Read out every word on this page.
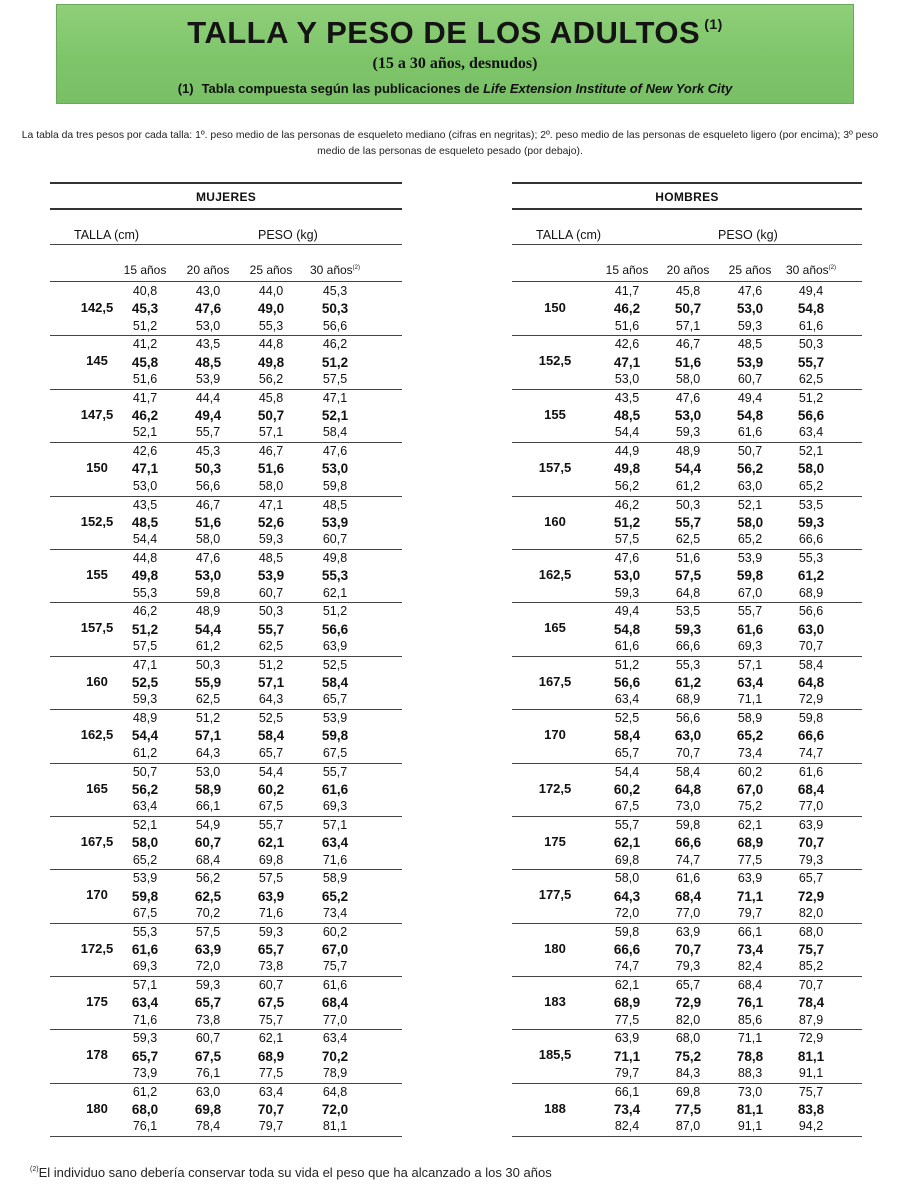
TALLA Y PESO DE LOS ADULTOS $^{(1)}$
(15 a 30 años, desnudos)
(1) Tabla compuesta según las publicaciones de Life Extension Institute of New York City
La tabla da tres pesos por cada talla: 1º. peso medio de las personas de esqueleto mediano (cifras en negritas); 2º. peso medio de las personas de esqueleto ligero (por encima); 3º peso medio de las personas de esqueleto pesado (por debajo).
MUJERES
TALLA (cm)	PESO (kg)
15 años	20 años	25 años	30 años$^{(2)}$
142,5
40,8	43,0	44,0	45,3
45,3	47,6	49,0	50,3
51,2	53,0	55,3	56,6
145
41,2	43,5	44,8	46,2
45,8	48,5	49,8	51,2
51,6	53,9	56,2	57,5
147,5
41,7	44,4	45,8	47,1
46,2	49,4	50,7	52,1
52,1	55,7	57,1	58,4
150
42,6	45,3	46,7	47,6
47,1	50,3	51,6	53,0
53,0	56,6	58,0	59,8
152,5
43,5	46,7	47,1	48,5
48,5	51,6	52,6	53,9
54,4	58,0	59,3	60,7
155
44,8	47,6	48,5	49,8
49,8	53,0	53,9	55,3
55,3	59,8	60,7	62,1
157,5
46,2	48,9	50,3	51,2
51,2	54,4	55,7	56,6
57,5	61,2	62,5	63,9
160
47,1	50,3	51,2	52,5
52,5	55,9	57,1	58,4
59,3	62,5	64,3	65,7
162,5
48,9	51,2	52,5	53,9
54,4	57,1	58,4	59,8
61,2	64,3	65,7	67,5
165
50,7	53,0	54,4	55,7
56,2	58,9	60,2	61,6
63,4	66,1	67,5	69,3
167,5
52,1	54,9	55,7	57,1
58,0	60,7	62,1	63,4
65,2	68,4	69,8	71,6
170
53,9	56,2	57,5	58,9
59,8	62,5	63,9	65,2
67,5	70,2	71,6	73,4
172,5
55,3	57,5	59,3	60,2
61,6	63,9	65,7	67,0
69,3	72,0	73,8	75,7
175
57,1	59,3	60,7	61,6
63,4	65,7	67,5	68,4
71,6	73,8	75,7	77,0
178
59,3	60,7	62,1	63,4
65,7	67,5	68,9	70,2
73,9	76,1	77,5	78,9
180
61,2	63,0	63,4	64,8
68,0	69,8	70,7	72,0
76,1	78,4	79,7	81,1
HOMBRES
TALLA (cm)	PESO (kg)
15 años	20 años	25 años	30 años$^{(2)}$
150
41,7	45,8	47,6	49,4
46,2	50,7	53,0	54,8
51,6	57,1	59,3	61,6
152,5
42,6	46,7	48,5	50,3
47,1	51,6	53,9	55,7
53,0	58,0	60,7	62,5
155
43,5	47,6	49,4	51,2
48,5	53,0	54,8	56,6
54,4	59,3	61,6	63,4
157,5
44,9	48,9	50,7	52,1
49,8	54,4	56,2	58,0
56,2	61,2	63,0	65,2
160
46,2	50,3	52,1	53,5
51,2	55,7	58,0	59,3
57,5	62,5	65,2	66,6
162,5
47,6	51,6	53,9	55,3
53,0	57,5	59,8	61,2
59,3	64,8	67,0	68,9
165
49,4	53,5	55,7	56,6
54,8	59,3	61,6	63,0
61,6	66,6	69,3	70,7
167,5
51,2	55,3	57,1	58,4
56,6	61,2	63,4	64,8
63,4	68,9	71,1	72,9
170
52,5	56,6	58,9	59,8
58,4	63,0	65,2	66,6
65,7	70,7	73,4	74,7
172,5
54,4	58,4	60,2	61,6
60,2	64,8	67,0	68,4
67,5	73,0	75,2	77,0
175
55,7	59,8	62,1	63,9
62,1	66,6	68,9	70,7
69,8	74,7	77,5	79,3
177,5
58,0	61,6	63,9	65,7
64,3	68,4	71,1	72,9
72,0	77,0	79,7	82,0
180
59,8	63,9	66,1	68,0
66,6	70,7	73,4	75,7
74,7	79,3	82,4	85,2
183
62,1	65,7	68,4	70,7
68,9	72,9	76,1	78,4
77,5	82,0	85,6	87,9
185,5
63,9	68,0	71,1	72,9
71,1	75,2	78,8	81,1
79,7	84,3	88,3	91,1
188
66,1	69,8	73,0	75,7
73,4	77,5	81,1	83,8
82,4	87,0	91,1	94,2
$^{(2)}$El individuo sano debería conservar toda su vida el peso que ha alcanzado a los 30 años
